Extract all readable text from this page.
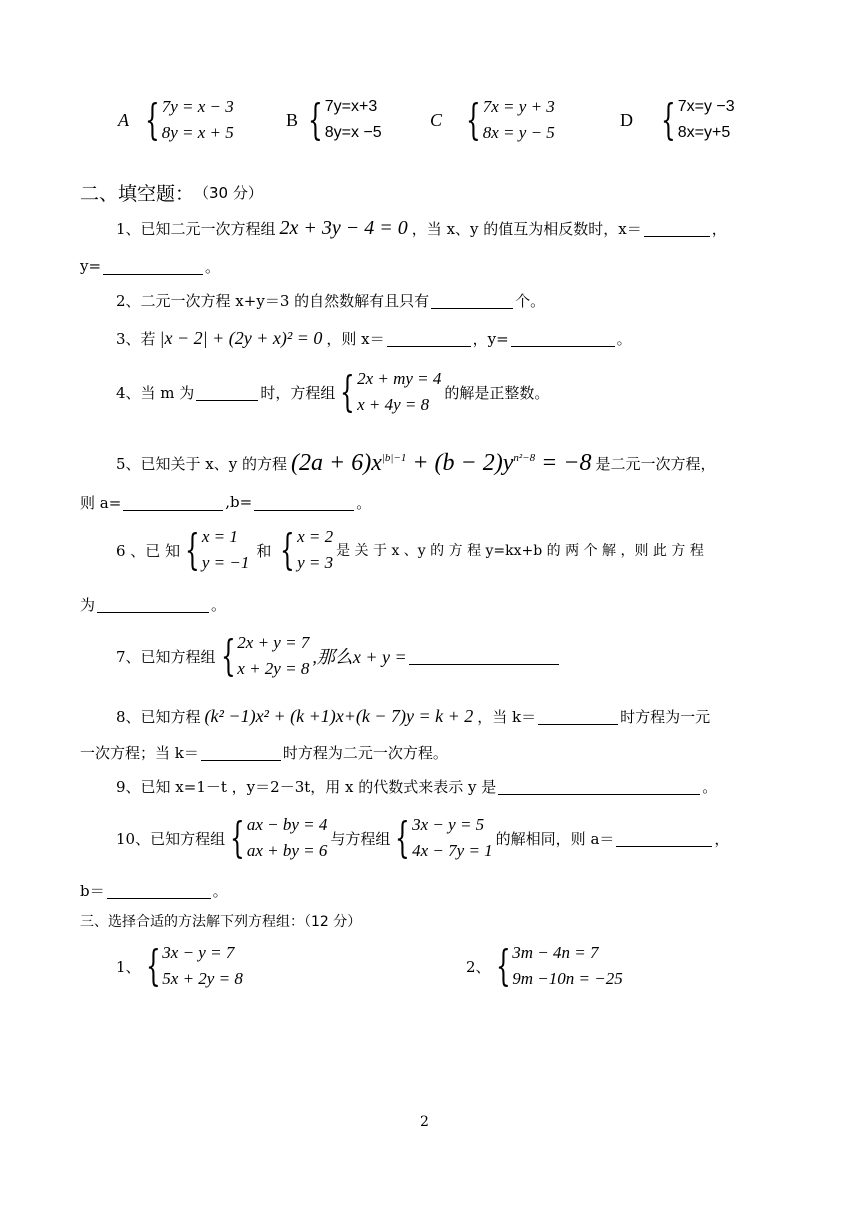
A { 7y = x − 3
8y = x + 5
B { 7y=x+3
8y=x −5
C { 7x = y + 3
8x = y − 5
D { 7x=y −3
8x=y+5
二、填空题： （30 分）
1、已知二元一次方程组 2x + 3y − 4 = 0 ，当 x、y 的值互为相反数时，x＝	，
y=	。
2、二元一次方程 x+y＝3 的自然数解有且只有	个。
3、若 |x − 2| + (2y + x)² = 0 ，则 x＝	，y=	。
4、当 m 为	时，方程组 { 2x + my = 4
x + 4y = 8
的解是正整数。
5、已知关于 x、y 的方程 $(2a + 6)x^{|b|-1} + (b - 2)y^{n^2-8} = -8$ 是二元一次方程，
则 a=	,b=	。
6 、已 知 { x = 1
y = −1
和 { x = 2
y = 3
是 关 于 x 、y 的 方 程 y=kx+b 的 两 个 解 ，则 此 方 程
为	。
7、已知方程组 { 2x + y = 7
x + 2y = 8
,那么x + y =
8、已知方程 (k² −1)x² + (k +1)x+(k − 7)y = k + 2 ，当 k＝	时方程为一元
一次方程；当 k＝	时方程为二元一次方程。
9、已知 x=1－t ，y＝2－3t，用 x 的代数式来表示 y 是	。
10、已知方程组 { ax − by = 4
ax + by = 6
与方程组 { 3x − y = 5
4x − 7y = 1
的解相同，则 a＝	，
b＝	。
三、选择合适的方法解下列方程组：（12 分）
1、 { 3x − y = 7
5x + 2y = 8
2、 { 3m − 4n = 7
9m −10n = −25
2
